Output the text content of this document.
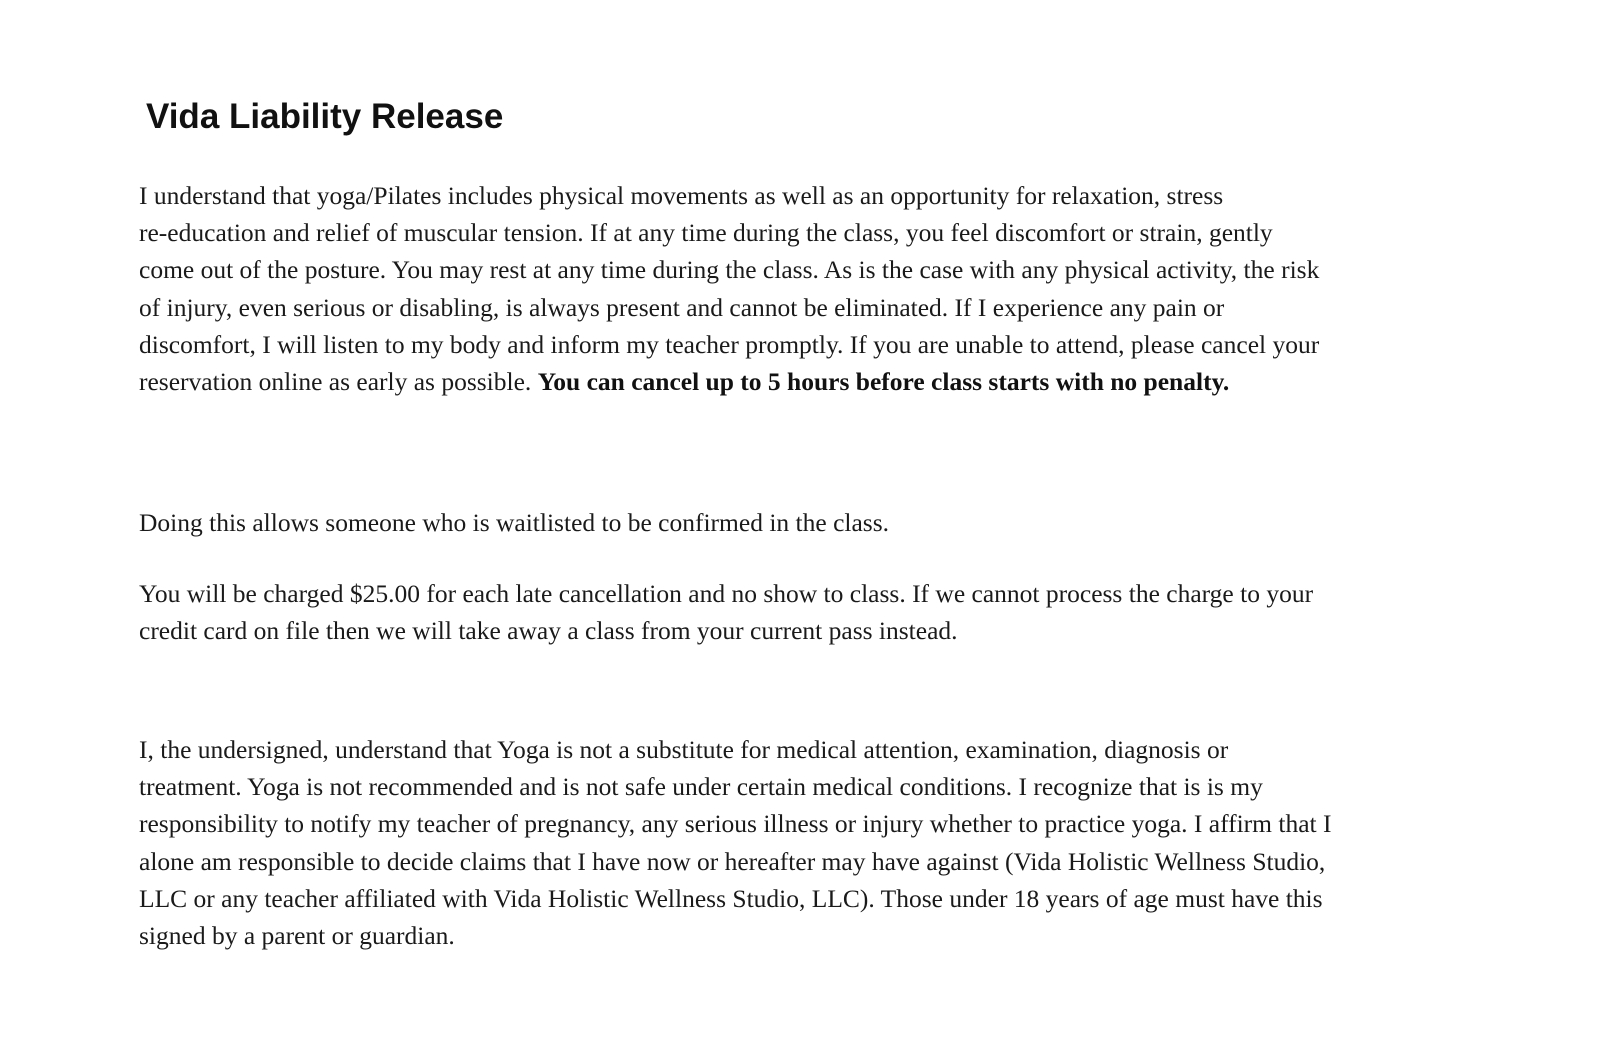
Vida Liability Release

I understand that yoga/Pilates includes physical movements as well as an opportunity for relaxation, stress
re-education and relief of muscular tension. If at any time during the class, you feel discomfort or strain, gently
come out of the posture. You may rest at any time during the class. As is the case with any physical activity, the risk
of injury, even serious or disabling, is always present and cannot be eliminated. If I experience any pain or
discomfort, I will listen to my body and inform my teacher promptly. If you are unable to attend, please cancel your
reservation online as early as possible. You can cancel up to 5 hours before class starts with no penalty.

Doing this allows someone who is waitlisted to be confirmed in the class.

You will be charged $25.00 for each late cancellation and no show to class. If we cannot process the charge to your
credit card on file then we will take away a class from your current pass instead.

I, the undersigned, understand that Yoga is not a substitute for medical attention, examination, diagnosis or
treatment. Yoga is not recommended and is not safe under certain medical conditions. I recognize that is is my
responsibility to notify my teacher of pregnancy, any serious illness or injury whether to practice yoga. I affirm that I
alone am responsible to decide claims that I have now or hereafter may have against (Vida Holistic Wellness Studio,
LLC or any teacher affiliated with Vida Holistic Wellness Studio, LLC). Those under 18 years of age must have this
signed by a parent or guardian.
